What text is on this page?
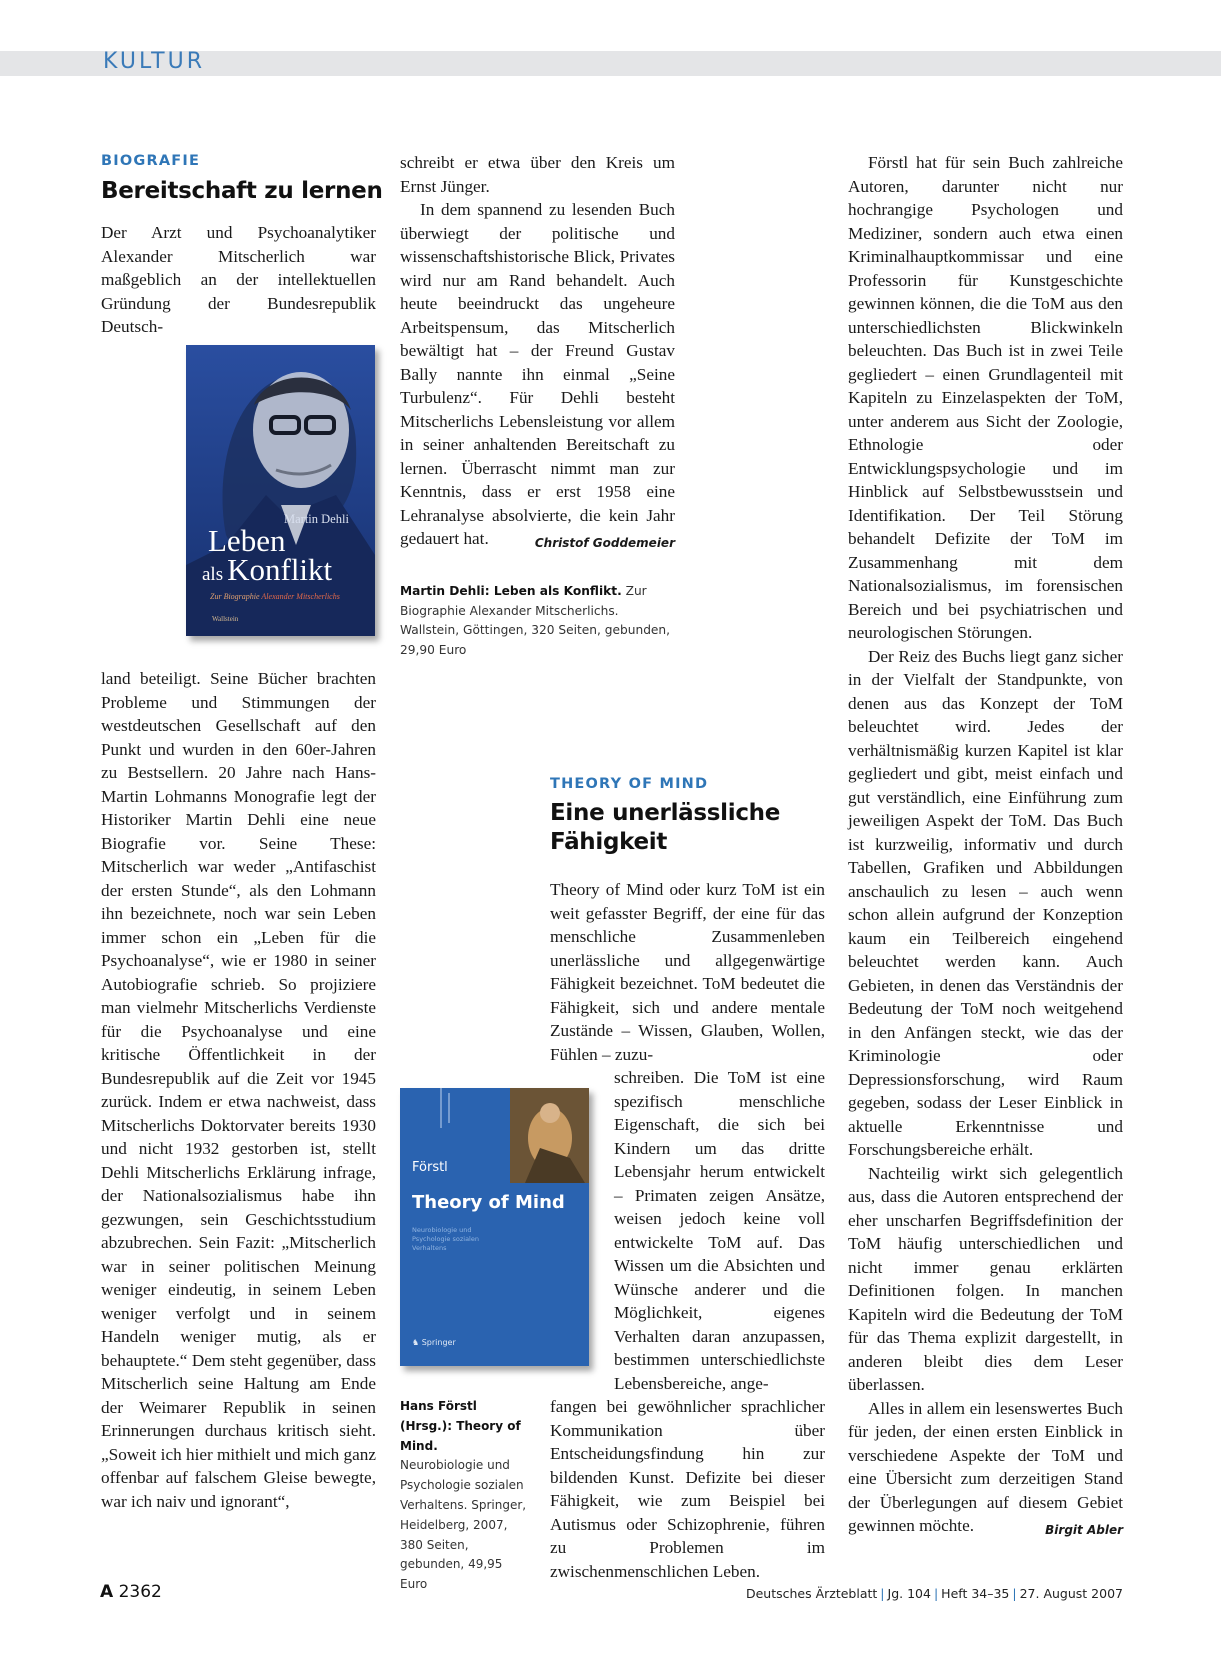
KULTUR
BIOGRAFIE
Bereitschaft zu lernen

Der Arzt und Psychoanalytiker Alexander Mitscherlich war maßgeblich an der intellektuellen Gründung der Bundesrepublik Deutsch-

Martin Dehli
Leben
als Konflikt
Zur Biographie Alexander Mitscherlichs
Wallstein

land beteiligt. Seine Bücher brachten Probleme und Stimmungen der westdeutschen Gesellschaft auf den Punkt und wurden in den 60er-Jahren zu Bestsellern. 20 Jahre nach Hans-Martin Lohmanns Monografie legt der Historiker Martin Dehli eine neue Biografie vor. Seine These: Mitscherlich war weder „Antifaschist der ersten Stunde“, als den Lohmann ihn bezeichnete, noch war sein Leben immer schon ein „Leben für die Psychoanalyse“, wie er 1980 in seiner Autobiografie schrieb. So projiziere man vielmehr Mitscherlichs Verdienste für die Psychoanalyse und eine kritische Öffentlichkeit in der Bundesrepublik auf die Zeit vor 1945 zurück. Indem er etwa nachweist, dass Mitscherlichs Doktorvater bereits 1930 und nicht 1932 gestorben ist, stellt Dehli Mitscherlichs Erklärung infrage, der Nationalsozialismus habe ihn gezwungen, sein Geschichtsstudium abzubrechen. Sein Fazit: „Mitscherlich war in seiner politischen Meinung weniger eindeutig, in seinem Leben weniger verfolgt und in seinem Handeln weniger mutig, als er behauptete.“ Dem steht gegenüber, dass Mitscherlich seine Haltung am Ende der Weimarer Republik in seinen Erinnerungen durchaus kritisch sieht. „Soweit ich hier mithielt und mich ganz offenbar auf falschem Gleise bewegte, war ich naiv und ignorant“,

schreibt er etwa über den Kreis um Ernst Jünger.

In dem spannend zu lesenden Buch überwiegt der politische und wissenschaftshistorische Blick, Privates wird nur am Rand behandelt. Auch heute beeindruckt das ungeheure Arbeitspensum, das Mitscherlich bewältigt hat – der Freund Gustav Bally nannte ihn einmal „Seine Turbulenz“. Für Dehli besteht Mitscherlichs Lebensleistung vor allem in seiner anhaltenden Bereitschaft zu lernen. Überrascht nimmt man zur Kenntnis, dass er erst 1958 eine Lehranalyse absolvierte, die kein Jahr gedauert hat.	Christof Goddemeier

Martin Dehli: Leben als Konflikt. Zur Biographie Alexander Mitscherlichs. Wallstein, Göttingen, 320 Seiten, gebunden, 29,90 Euro
THEORY OF MIND
Eine unerlässliche
Fähigkeit

Theory of Mind oder kurz ToM ist ein weit gefasster Begriff, der eine für das menschliche Zusammenleben unerlässliche und allgegenwärtige Fähigkeit bezeichnet. ToM bedeutet die Fähigkeit, sich und andere mentale Zustände – Wissen, Glauben, Wollen, Fühlen – zuzu-

schreiben. Die ToM ist eine spezifisch menschliche Eigenschaft, die sich bei Kindern um das dritte Lebensjahr herum entwickelt – Primaten zeigen Ansätze, weisen jedoch keine voll entwickelte ToM auf. Das Wissen um die Absichten und Wünsche anderer und die Möglichkeit, eigenes Verhalten daran anzupassen, bestimmen unterschiedlichste Lebensbereiche, ange-

fangen bei gewöhnlicher sprachlicher Kommunikation über Entscheidungsfindung hin zur bildenden Kunst. Defizite bei dieser Fähigkeit, wie zum Beispiel bei Autismus oder Schizophrenie, führen zu Problemen im zwischenmenschlichen Leben.

Förstl
Theory of Mind
Neurobiologie und Psychologie sozialen Verhaltens
♞ Springer
Hans Förstl (Hrsg.): Theory of Mind.
Neurobiologie und Psychologie sozialen Verhaltens. Springer, Heidelberg, 2007, 380 Seiten, gebunden, 49,95 Euro

Förstl hat für sein Buch zahlreiche Autoren, darunter nicht nur hochrangige Psychologen und Mediziner, sondern auch etwa einen Kriminalhauptkommissar und eine Professorin für Kunstgeschichte gewinnen können, die die ToM aus den unterschiedlichsten Blickwinkeln beleuchten. Das Buch ist in zwei Teile gegliedert – einen Grundlagenteil mit Kapiteln zu Einzelaspekten der ToM, unter anderem aus Sicht der Zoologie, Ethnologie oder Entwicklungspsychologie und im Hinblick auf Selbstbewusstsein und Identifikation. Der Teil Störung behandelt Defizite der ToM im Zusammenhang mit dem Nationalsozialismus, im forensischen Bereich und bei psychiatrischen und neurologischen Störungen.

Der Reiz des Buchs liegt ganz sicher in der Vielfalt der Standpunkte, von denen aus das Konzept der ToM beleuchtet wird. Jedes der verhältnismäßig kurzen Kapitel ist klar gegliedert und gibt, meist einfach und gut verständlich, eine Einführung zum jeweiligen Aspekt der ToM. Das Buch ist kurzweilig, informativ und durch Tabellen, Grafiken und Abbildungen anschaulich zu lesen – auch wenn schon allein aufgrund der Konzeption kaum ein Teilbereich eingehend beleuchtet werden kann. Auch Gebieten, in denen das Verständnis der Bedeutung der ToM noch weitgehend in den Anfängen steckt, wie das der Kriminologie oder Depressionsforschung, wird Raum gegeben, sodass der Leser Einblick in aktuelle Erkenntnisse und Forschungsbereiche erhält.

Nachteilig wirkt sich gelegentlich aus, dass die Autoren entsprechend der eher unscharfen Begriffsdefinition der ToM häufig unterschiedlichen und nicht immer genau erklärten Definitionen folgen. In manchen Kapiteln wird die Bedeutung der ToM für das Thema explizit dargestellt, in anderen bleibt dies dem Leser überlassen.

Alles in allem ein lesenswertes Buch für jeden, der einen ersten Einblick in verschiedene Aspekte der ToM und eine Übersicht zum derzeitigen Stand der Überlegungen auf diesem Gebiet gewinnen möchte.	Birgit Abler

A 2362	Deutsches Ärzteblatt | Jg. 104 | Heft 34–35 | 27. August 2007
